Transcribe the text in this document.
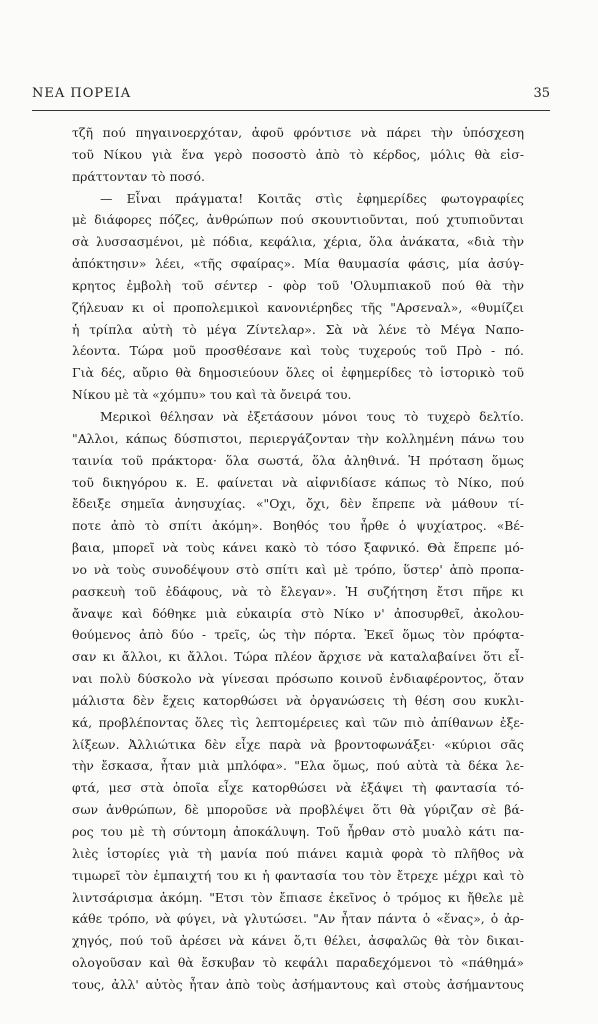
ΝΕΑ ΠΟΡΕΙΑ	35
τζῆ πού πηγαινοερχόταν, ἀφοῦ φρόντισε νὰ πάρει τὴν ὑπόσχεση
τοῦ Νίκου γιὰ ἕνα γερὸ ποσοστὸ ἀπὸ τὸ κέρδος, μόλις θὰ εἰσ-
πράττονταν τὸ ποσό.
— Εἶναι πράγματα! Κοιτᾶς στὶς ἐφημερίδες φωτογραφίες
μὲ διάφορες πόζες, ἀνθρώπων πού σκουντιοῦνται, πού χτυπιοῦνται
σὰ λυσσασμένοι, μὲ πόδια, κεφάλια, χέρια, ὅλα ἀνάκατα, «διὰ τὴν
ἀπόκτησιν» λέει, «τῆς σφαίρας». Μία θαυμασία φάσις, μία ἀσύγ-
κρητος ἐμβολὴ τοῦ σέντερ - φὸρ τοῦ 'Ολυμπιακοῦ πού θὰ τὴν
ζήλευαν κι οἱ προπολεμικοὶ κανονιέρηδες τῆς "Αρσεναλ», «θυμίζει
ἡ τρίπλα αὐτὴ τὸ μέγα Ζίντελαρ». Σὰ νὰ λένε τὸ Μέγα Ναπο-
λέοντα. Τώρα μοῦ προσθέσανε καὶ τοὺς τυχερούς τοῦ Πρὸ - πό.
Γιὰ δές, αὔριο θὰ δημοσιεύουν ὅλες οἱ ἐφημερίδες τὸ ἱστορικὸ τοῦ
Νίκου μὲ τὰ «χόμπυ» του καὶ τὰ ὄνειρά του.
Μερικοὶ θέλησαν νὰ ἐξετάσουν μόνοι τους τὸ τυχερὸ δελτίο.
"Αλλοι, κάπως δύσπιστοι, περιεργάζονταν τὴν κολλημένη πάνω του
ταινία τοῦ πράκτορα· ὅλα σωστά, ὅλα ἀληθινά. Ἡ πρόταση ὅμως
τοῦ δικηγόρου κ. Ε. φαίνεται νὰ αἰφνιδίασε κάπως τὸ Νίκο, πού
ἔδειξε σημεῖα ἀνησυχίας. «"Οχι, ὄχι, δὲν ἔπρεπε νὰ μάθουν τί-
ποτε ἀπὸ τὸ σπίτι ἀκόμη». Βοηθός του ἦρθε ὁ ψυχίατρος. «Βέ-
βαια, μπορεῖ νὰ τοὺς κάνει κακὸ τὸ τόσο ξαφνικό. Θὰ ἔπρεπε μό-
νο νὰ τοὺς συνοδέψουν στὸ σπίτι καὶ μὲ τρόπο, ὕστερ' ἀπὸ προπα-
ρασκευὴ τοῦ ἐδάφους, νὰ τὸ ἔλεγαν». Ἡ συζήτηση ἔτσι πῆρε κι
ἄναψε καὶ δόθηκε μιὰ εὐκαιρία στὸ Νίκο ν' ἀποσυρθεῖ, ἀκολου-
θούμενος ἀπὸ δύο - τρεῖς, ὡς τὴν πόρτα. Ἐκεῖ ὅμως τὸν πρόφτα-
σαν κι ἄλλοι, κι ἄλλοι. Τώρα πλέον ἄρχισε νὰ καταλαβαίνει ὅτι εἶ-
ναι πολὺ δύσκολο νὰ γίνεσαι πρόσωπο κοινοῦ ἐνδιαφέροντος, ὅταν
μάλιστα δὲν ἔχεις κατορθώσει νὰ ὀργανώσεις τὴ θέση σου κυκλι-
κά, προβλέποντας ὅλες τὶς λεπτομέρειες καὶ τῶν πιὸ ἀπίθανων ἐξε-
λίξεων. Ἀλλιώτικα δὲν εἶχε παρὰ νὰ βροντοφωνάξει· «κύριοι σᾶς
τὴν ἔσκασα, ἦταν μιὰ μπλόφα». "Ελα ὅμως, πού αὐτὰ τὰ δέκα λε-
φτά, μεσ στὰ ὁποῖα εἶχε κατορθώσει νὰ ἐξάψει τὴ φαντασία τό-
σων ἀνθρώπων, δὲ μποροῦσε νὰ προβλέψει ὅτι θὰ γύριζαν σὲ βά-
ρος του μὲ τὴ σύντομη ἀποκάλυψη. Τοῦ ἦρθαν στὸ μυαλὸ κάτι πα-
λιὲς ἱστορίες γιὰ τὴ μανία πού πιάνει καμιὰ φορὰ τὸ πλῆθος νὰ
τιμωρεῖ τὸν ἐμπαιχτή του κι ἡ φαντασία του τὸν ἔτρεχε μέχρι καὶ τὸ
λιντσάρισμα ἀκόμη. "Ετσι τὸν ἔπιασε ἐκεῖνος ὁ τρόμος κι ἤθελε μὲ
κάθε τρόπο, νὰ φύγει, νὰ γλυτώσει. "Αν ἦταν πάντα ὁ «ἕνας», ὁ ἀρ-
χηγός, πού τοῦ ἀρέσει νὰ κάνει ὅ,τι θέλει, ἀσφαλῶς θὰ τὸν δικαι-
ολογοῦσαν καὶ θὰ ἔσκυβαν τὸ κεφάλι παραδεχόμενοι τὸ «πάθημά»
τους, ἀλλ' αὐτὸς ἦταν ἀπὸ τοὺς ἀσήμαντους καὶ στοὺς ἀσήμαντους
